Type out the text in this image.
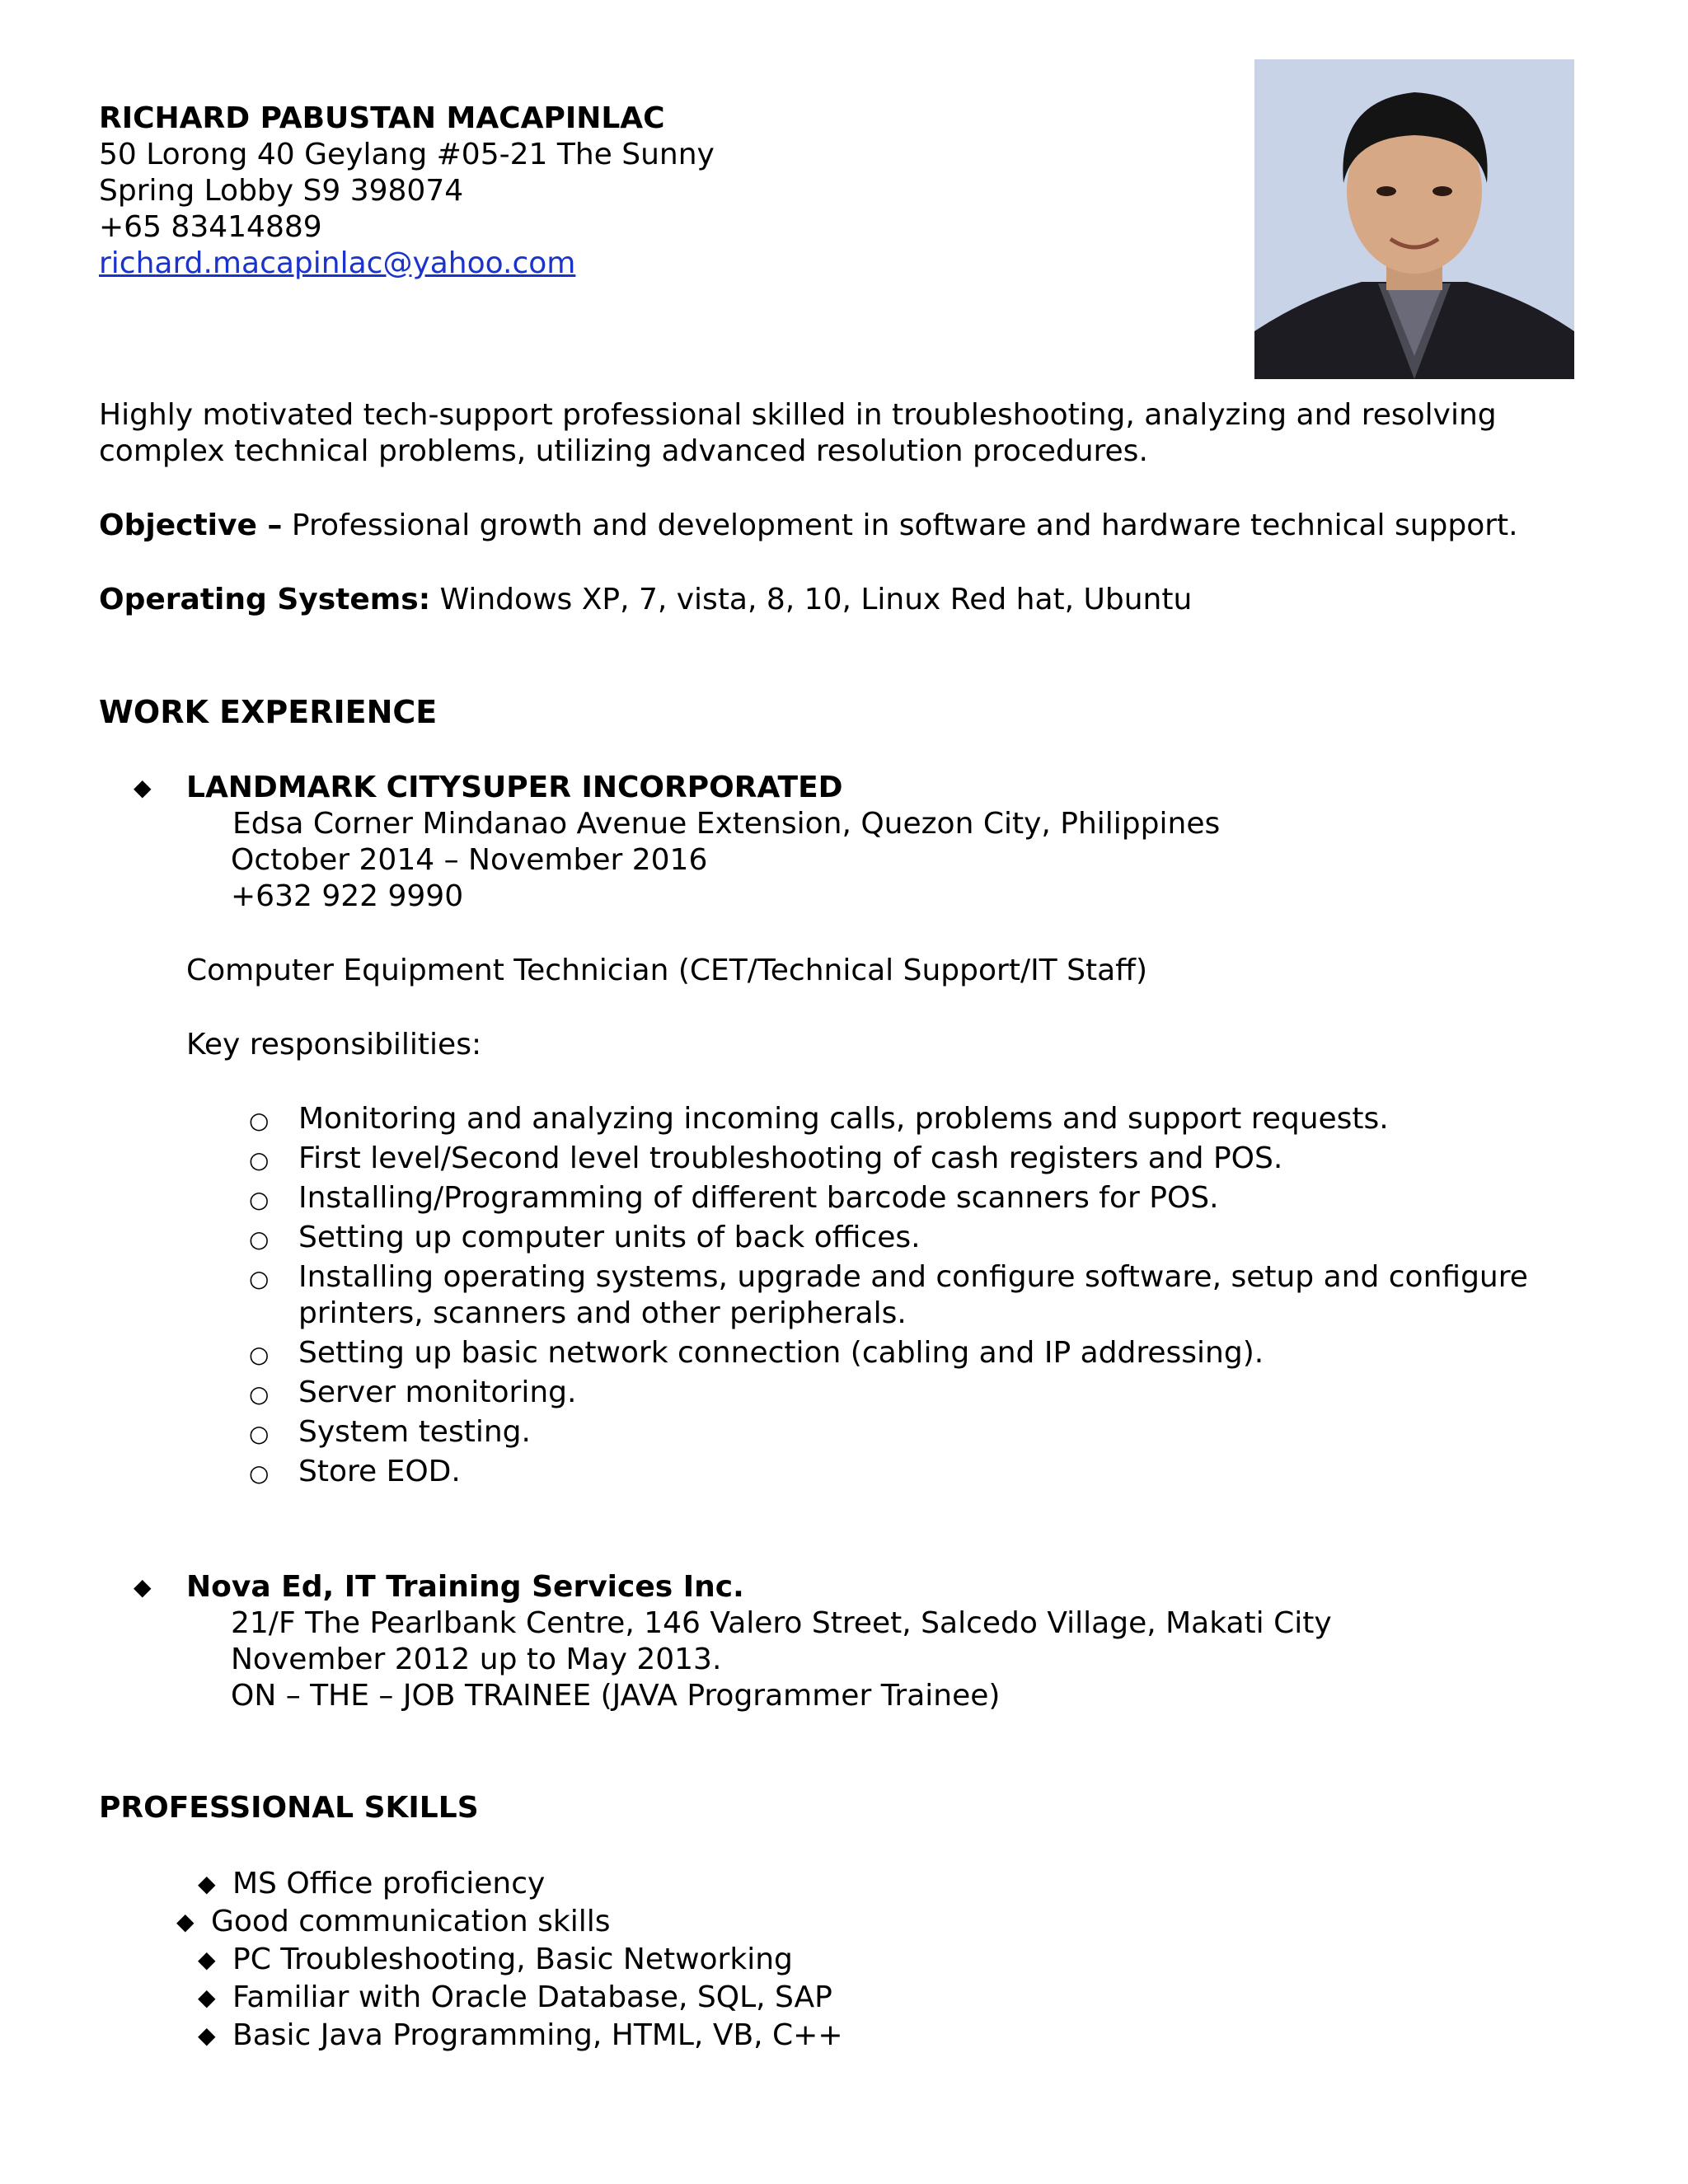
RICHARD PABUSTAN MACAPINLAC
50 Lorong 40 Geylang #05-21 The Sunny
Spring Lobby S9 398074
+65 83414889
richard.macapinlac@yahoo.com
Highly motivated tech-support professional skilled in troubleshooting, analyzing and resolving
complex technical problems, utilizing advanced resolution procedures.
Objective – Professional growth and development in software and hardware technical support.
Operating Systems: Windows XP, 7, vista, 8, 10, Linux Red hat, Ubuntu
WORK EXPERIENCE
◆ LANDMARK CITYSUPER INCORPORATED
Edsa Corner Mindanao Avenue Extension, Quezon City, Philippines
October 2014 – November 2016
+632 922 9990
Computer Equipment Technician (CET/Technical Support/IT Staff)
Key responsibilities:
○ Monitoring and analyzing incoming calls, problems and support requests.
○ First level/Second level troubleshooting of cash registers and POS.
○ Installing/Programming of different barcode scanners for POS.
○ Setting up computer units of back offices.
○ Installing operating systems, upgrade and configure software, setup and configure
printers, scanners and other peripherals.
○ Setting up basic network connection (cabling and IP addressing).
○ Server monitoring.
○ System testing.
○ Store EOD.
◆ Nova Ed, IT Training Services Inc.
21/F The Pearlbank Centre, 146 Valero Street, Salcedo Village, Makati City
November 2012 up to May 2013.
ON – THE – JOB TRAINEE (JAVA Programmer Trainee)
PROFESSIONAL SKILLS
◆ MS Office proficiency
◆ Good communication skills
◆ PC Troubleshooting, Basic Networking
◆ Familiar with Oracle Database, SQL, SAP
◆ Basic Java Programming, HTML, VB, C++
